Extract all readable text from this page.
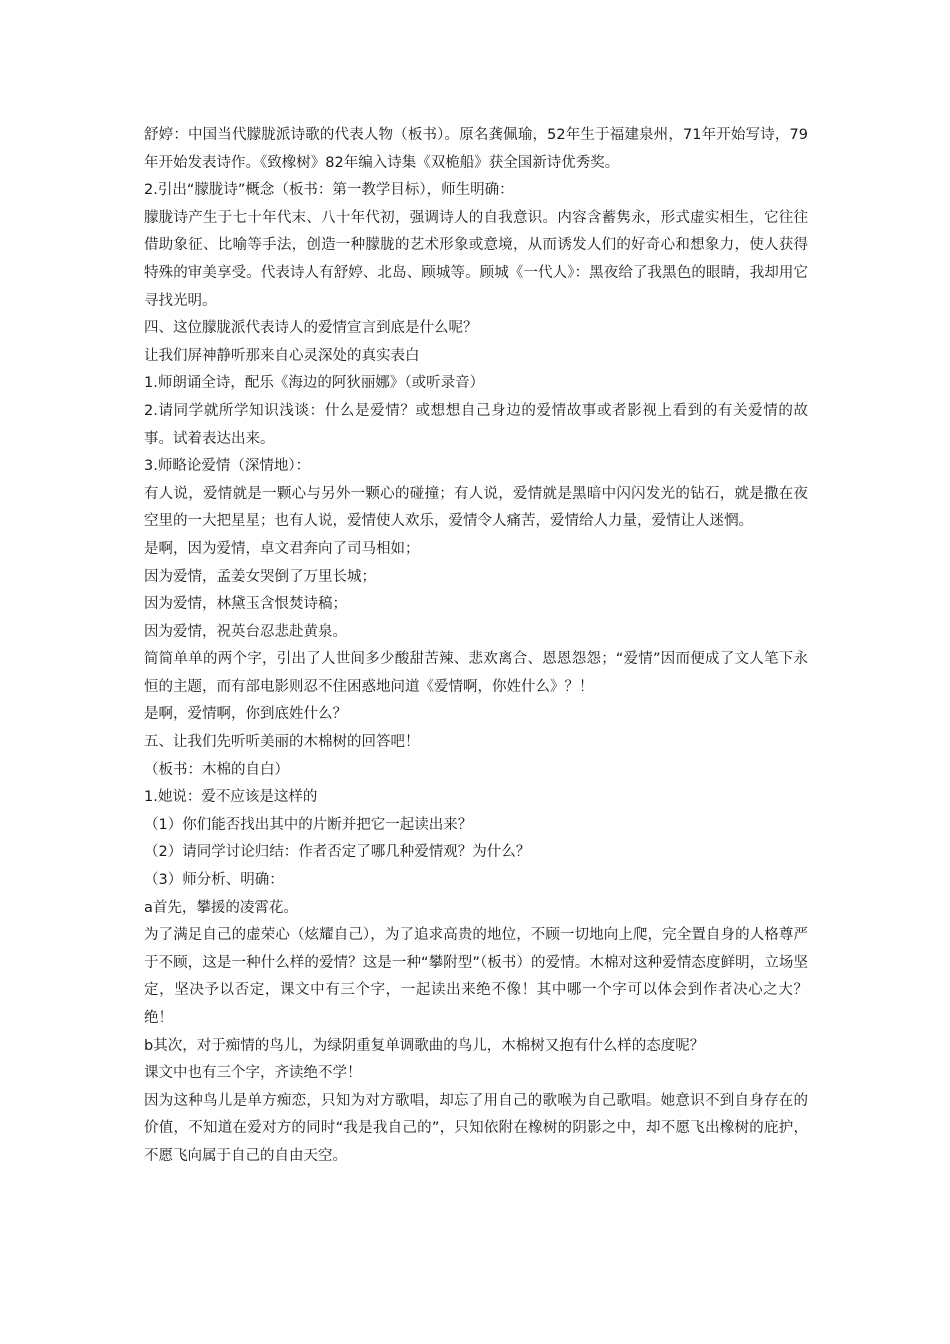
舒婷：中国当代朦胧派诗歌的代表人物（板书）。原名龚佩瑜，52年生于福建泉州，71年开始写诗，79年开始发表诗作。《致橡树》82年编入诗集《双桅船》获全国新诗优秀奖。

2.引出“朦胧诗”概念（板书：第一教学目标），师生明确：

朦胧诗产生于七十年代末、八十年代初，强调诗人的自我意识。内容含蓄隽永，形式虚实相生，它往往借助象征、比喻等手法，创造一种朦胧的艺术形象或意境，从而诱发人们的好奇心和想象力，使人获得特殊的审美享受。代表诗人有舒婷、北岛、顾城等。顾城《一代人》：黑夜给了我黑色的眼睛，我却用它寻找光明。

四、这位朦胧派代表诗人的爱情宣言到底是什么呢？

让我们屏神静听那来自心灵深处的真实表白

1.师朗诵全诗，配乐《海边的阿狄丽娜》（或听录音）

2.请同学就所学知识浅谈：什么是爱情？或想想自己身边的爱情故事或者影视上看到的有关爱情的故事。试着表达出来。

3.师略论爱情（深情地）：

有人说，爱情就是一颗心与另外一颗心的碰撞；有人说，爱情就是黑暗中闪闪发光的钻石，就是撒在夜空里的一大把星星；也有人说，爱情使人欢乐，爱情令人痛苦，爱情给人力量，爱情让人迷惘。

是啊，因为爱情，卓文君奔向了司马相如；

因为爱情，孟姜女哭倒了万里长城；

因为爱情，林黛玉含恨焚诗稿；

因为爱情，祝英台忍悲赴黄泉。

简简单单的两个字，引出了人世间多少酸甜苦辣、悲欢离合、恩恩怨怨；“爱情”因而便成了文人笔下永恒的主题，而有部电影则忍不住困惑地问道《爱情啊，你姓什么》？！

是啊，爱情啊，你到底姓什么？

五、让我们先听听美丽的木棉树的回答吧！

（板书：木棉的自白）

1.她说：爱不应该是这样的

（1）你们能否找出其中的片断并把它一起读出来？

（2）请同学讨论归结：作者否定了哪几种爱情观？为什么？

（3）师分析、明确：

a首先，攀援的凌霄花。

为了满足自己的虚荣心（炫耀自己），为了追求高贵的地位，不顾一切地向上爬，完全置自身的人格尊严于不顾，这是一种什么样的爱情？这是一种“攀附型”（板书）的爱情。木棉对这种爱情态度鲜明，立场坚定，坚决予以否定，课文中有三个字，一起读出来绝不像！其中哪一个字可以体会到作者决心之大？绝！

b其次，对于痴情的鸟儿，为绿阴重复单调歌曲的鸟儿，木棉树又抱有什么样的态度呢？

课文中也有三个字，齐读绝不学！

因为这种鸟儿是单方痴恋，只知为对方歌唱，却忘了用自己的歌喉为自己歌唱。她意识不到自身存在的价值，不知道在爱对方的同时“我是我自己的”，只知依附在橡树的阴影之中，却不愿飞出橡树的庇护，不愿飞向属于自己的自由天空。
